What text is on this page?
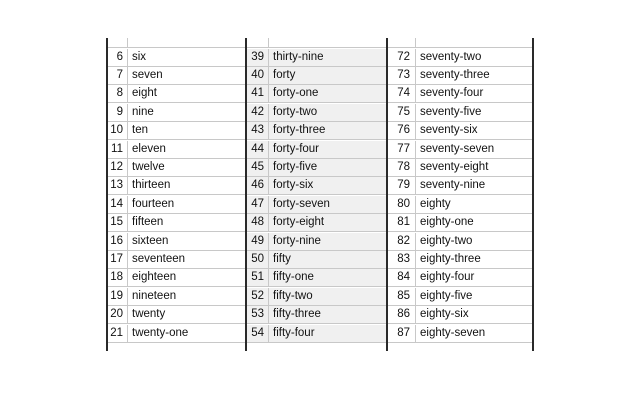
6 six
7 seven
8 eight
9 nine
10 ten
11 eleven
12 twelve
13 thirteen
14 fourteen
15 fifteen
16 sixteen
17 seventeen
18 eighteen
19 nineteen
20 twenty
21 twenty-one
39 thirty-nine
40 forty
41 forty-one
42 forty-two
43 forty-three
44 forty-four
45 forty-five
46 forty-six
47 forty-seven
48 forty-eight
49 forty-nine
50 fifty
51 fifty-one
52 fifty-two
53 fifty-three
54 fifty-four
72 seventy-two
73 seventy-three
74 seventy-four
75 seventy-five
76 seventy-six
77 seventy-seven
78 seventy-eight
79 seventy-nine
80 eighty
81 eighty-one
82 eighty-two
83 eighty-three
84 eighty-four
85 eighty-five
86 eighty-six
87 eighty-seven
